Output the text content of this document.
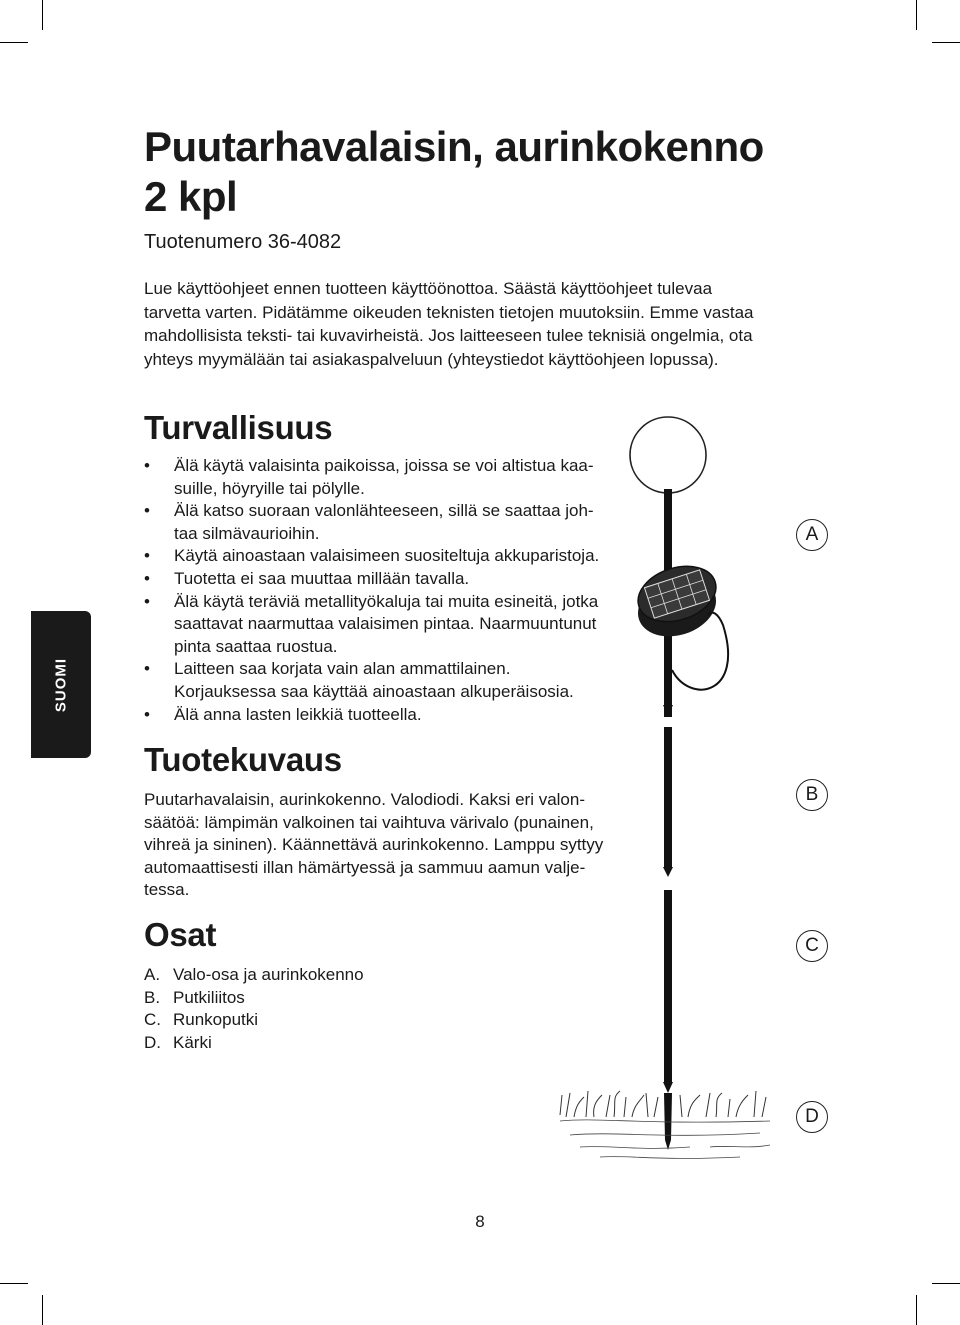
Puutarhavalaisin, aurinkokenno
2 kpl
Tuotenumero 36-4082
Lue käyttöohjeet ennen tuotteen käyttöönottoa. Säästä käyttöohjeet tulevaa
tarvetta varten. Pidätämme oikeuden teknisten tietojen muutoksiin. Emme vastaa
mahdollisista teksti- tai kuvavirheistä. Jos laitteeseen tulee teknisiä ongelmia, ota
yhteys myymälään tai asiakaspalveluun (yhteystiedot käyttöohjeen lopussa).
Turvallisuus
• Älä käytä valaisinta paikoissa, joissa se voi altistua kaa-
suille, höyryille tai pölylle.
• Älä katso suoraan valonlähteeseen, sillä se saattaa joh-
taa silmävaurioihin.
• Käytä ainoastaan valaisimeen suositeltuja akkuparistoja.
• Tuotetta ei saa muuttaa millään tavalla.
• Älä käytä teräviä metallityökaluja tai muita esineitä, jotka
saattavat naarmuttaa valaisimen pintaa. Naarmuuntunut
pinta saattaa ruostua.
• Laitteen saa korjata vain alan ammattilainen.
Korjauksessa saa käyttää ainoastaan alkuperäisosia.
• Älä anna lasten leikkiä tuotteella.
Tuotekuvaus
Puutarhavalaisin, aurinkokenno. Valodiodi. Kaksi eri valon-
säätöä: lämpimän valkoinen tai vaihtuva värivalo (punainen,
vihreä ja sininen). Käännettävä aurinkokenno. Lamppu syttyy
automaattisesti illan hämärtyessä ja sammuu aamun valje-
tessa.
Osat
A. Valo-osa ja aurinkokenno
B. Putkiliitos
C. Runkoputki
D. Kärki
SUOMI
A
B
C
D
8
